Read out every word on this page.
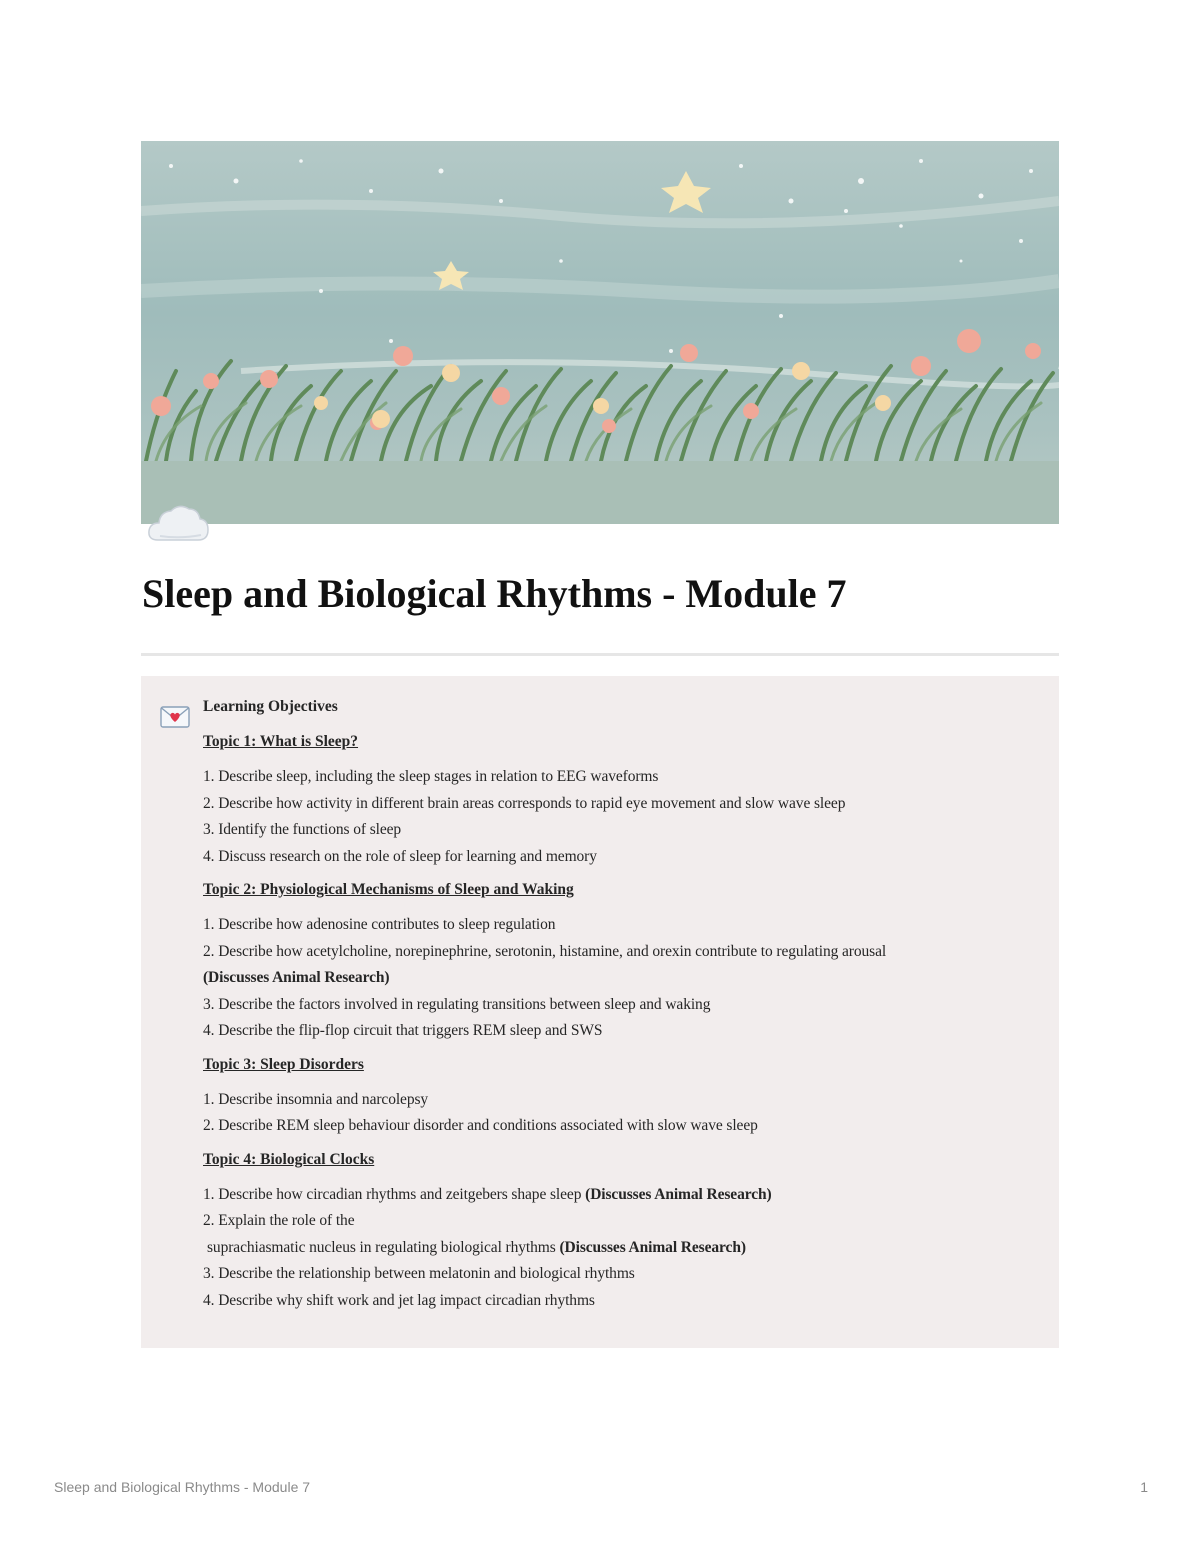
Sleep and Biological Rhythms - Module 7
Learning Objectives
Topic 1: What is Sleep?
1. Describe sleep, including the sleep stages in relation to EEG waveforms
2. Describe how activity in different brain areas corresponds to rapid eye movement and slow wave sleep
3. Identify the functions of sleep
4. Discuss research on the role of sleep for learning and memory
Topic 2: Physiological Mechanisms of Sleep and Waking
1. Describe how adenosine contributes to sleep regulation
2. Describe how acetylcholine, norepinephrine, serotonin, histamine, and orexin contribute to regulating arousal
(Discusses Animal Research)
3. Describe the factors involved in regulating transitions between sleep and waking
4. Describe the flip-flop circuit that triggers REM sleep and SWS
Topic 3: Sleep Disorders
1. Describe insomnia and narcolepsy
2. Describe REM sleep behaviour disorder and conditions associated with slow wave sleep
Topic 4: Biological Clocks
1. Describe how circadian rhythms and zeitgebers shape sleep (Discusses Animal Research)
2. Explain the role of the
suprachiasmatic nucleus in regulating biological rhythms (Discusses Animal Research)
3. Describe the relationship between melatonin and biological rhythms
4. Describe why shift work and jet lag impact circadian rhythms
Sleep and Biological Rhythms - Module 7	1
